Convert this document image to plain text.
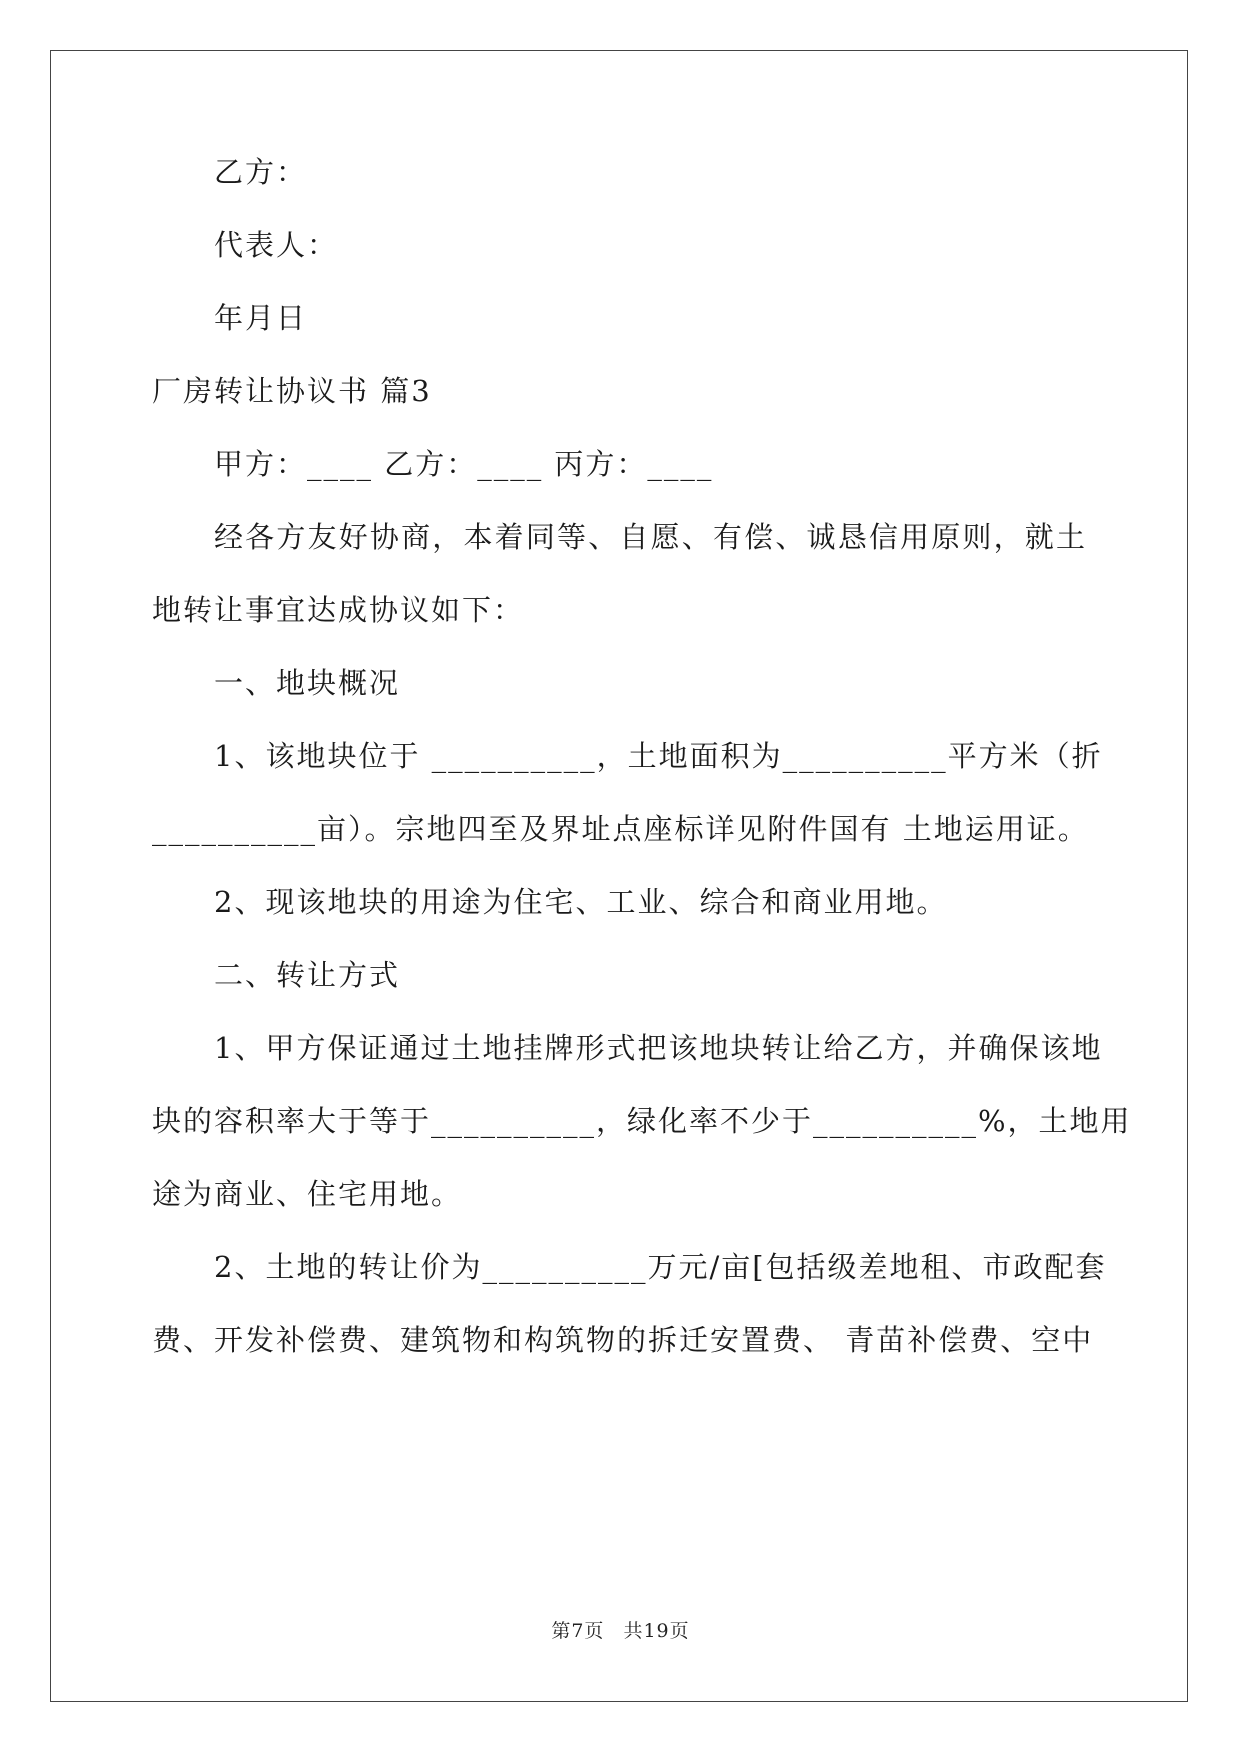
乙方：
代表人：
年月日
厂房转让协议书 篇3
甲方：____ 乙方：____ 丙方：____
经各方友好协商，本着同等、自愿、有偿、诚恳信用原则，就土
地转让事宜达成协议如下：
一、地块概况
1、该地块位于 __________，土地面积为__________平方米（折
__________亩）。宗地四至及界址点座标详见附件国有 土地运用证。
2、现该地块的用途为住宅、工业、综合和商业用地。
二、转让方式
1、甲方保证通过土地挂牌形式把该地块转让给乙方，并确保该地
块的容积率大于等于__________，绿化率不少于__________%，土地用
途为商业、住宅用地。
2、土地的转让价为__________万元/亩[包括级差地租、市政配套
费、开发补偿费、建筑物和构筑物的拆迁安置费、 青苗补偿费、空中
第7页 共19页
